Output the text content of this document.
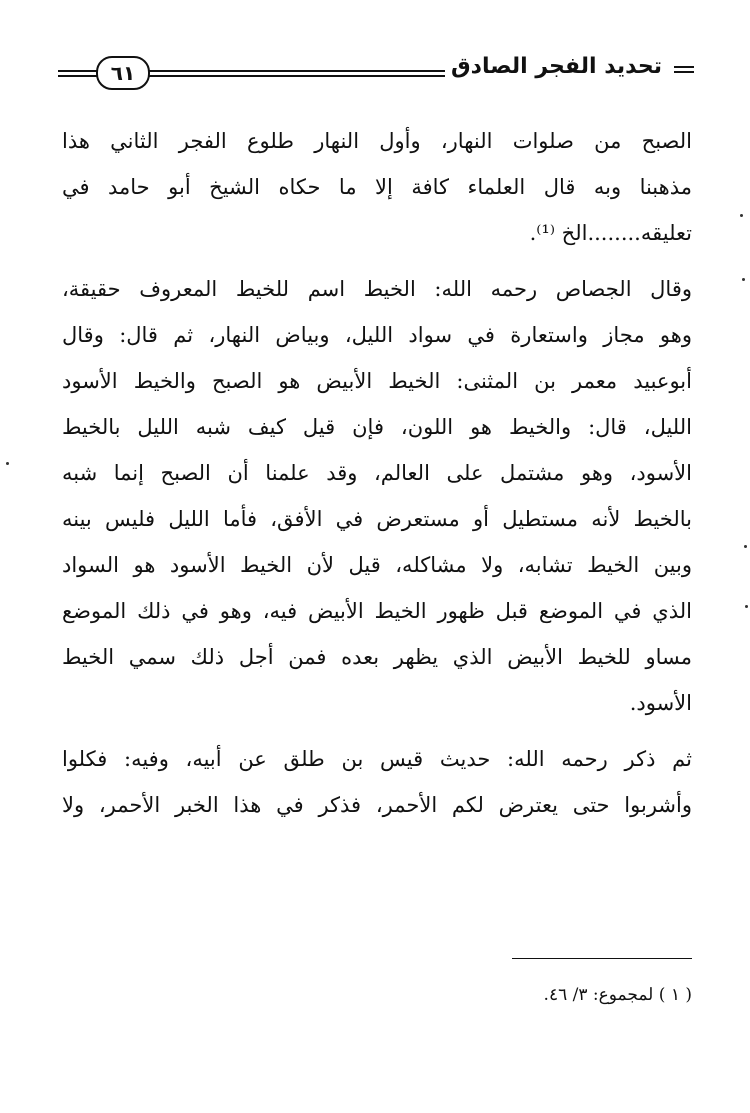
٦١	تحديد الفجر الصادق
الصبح من صلوات النهار، وأول النهار طلوع الفجر الثاني هذا
مذهبنا وبه قال العلماء كافة إلا ما حكاه الشيخ أبو حامد في
تعليقه........الخ ⁽¹⁾.
وقال الجصاص رحمه الله: الخيط اسم للخيط المعروف حقيقة،
وهو مجاز واستعارة في سواد الليل، وبياض النهار، ثم قال: وقال
أبوعبيد معمر بن المثنى: الخيط الأبيض هو الصبح والخيط الأسود
الليل، قال: والخيط هو اللون، فإن قيل كيف شبه الليل بالخيط
الأسود، وهو مشتمل على العالم، وقد علمنا أن الصبح إنما شبه
بالخيط لأنه مستطيل أو مستعرض في الأفق، فأما الليل فليس بينه
وبين الخيط تشابه، ولا مشاكله، قيل لأن الخيط الأسود هو السواد
الذي في الموضع قبل ظهور الخيط الأبيض فيه، وهو في ذلك الموضع
مساو للخيط الأبيض الذي يظهر بعده فمن أجل ذلك سمي الخيط
الأسود.
ثم ذكر رحمه الله: حديث قيس بن طلق عن أبيه، وفيه: فكلوا
وأشربوا حتى يعترض لكم الأحمر، فذكر في هذا الخبر الأحمر، ولا
( ١ ) لمجموع: ٣/ ٤٦.
